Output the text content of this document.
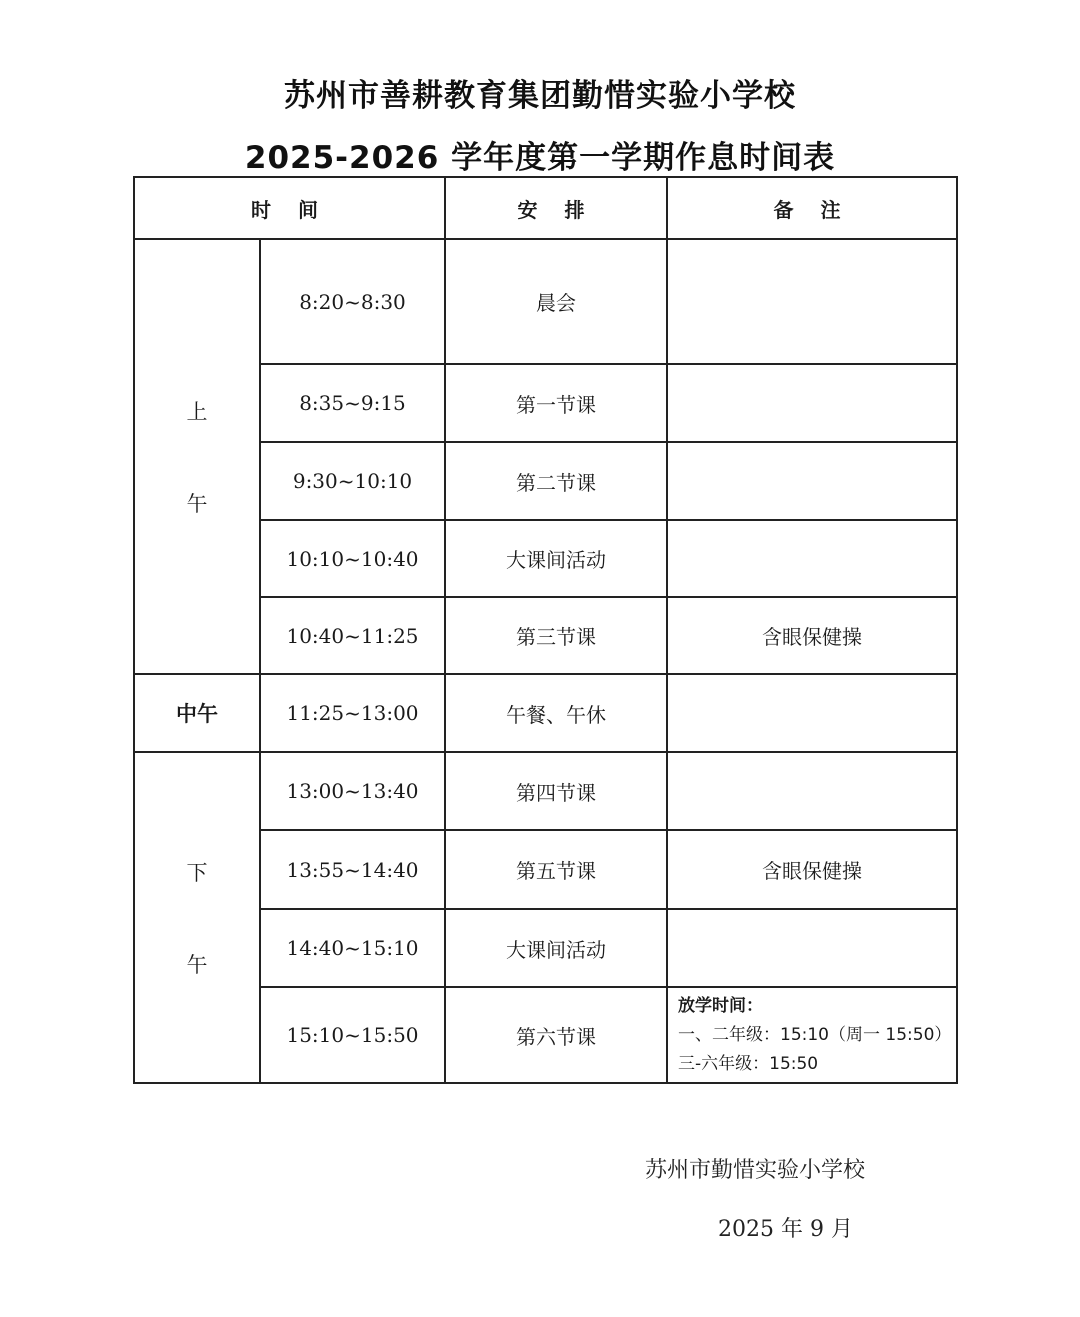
苏州市善耕教育集团勤惜实验小学校
2025-2026 学年度第一学期作息时间表
时 间		安 排	备 注

上
午	8:20~8:30	晨会	
	8:35~9:15	第一节课	
	9:30~10:10	第二节课	
	10:10~10:40	大课间活动	
	10:40~11:25	第三节课	含眼保健操
中午	11:25~13:00	午餐、午休	

下
午	13:00~13:40	第四节课	
	13:55~14:40	第五节课	含眼保健操
	14:40~15:10	大课间活动	
	15:10~15:50	第六节课	放学时间：
一、二年级：15:10（周一 15:50）
三-六年级：15:50
苏州市勤惜实验小学校
2025 年 9 月
